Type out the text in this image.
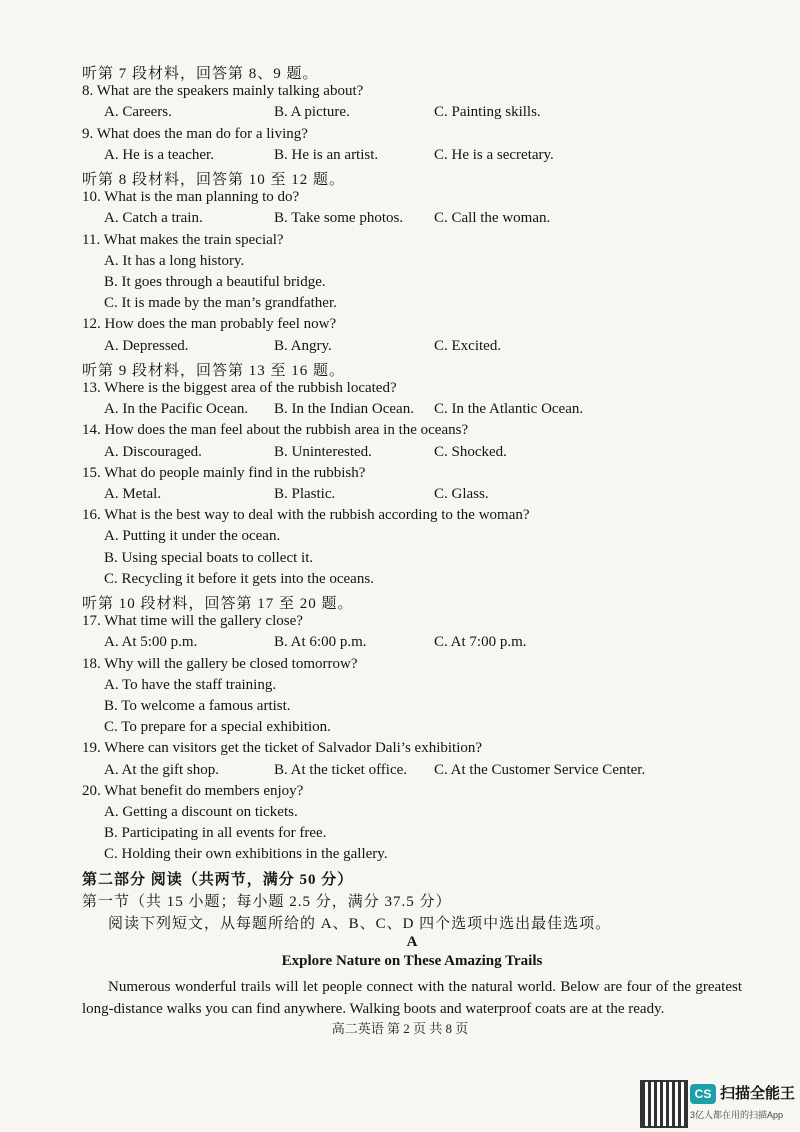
听第 7 段材料，回答第 8、9 题。
8. What are the speakers mainly talking about?
A. Careers.	B. A picture.	C. Painting skills.
9. What does the man do for a living?
A. He is a teacher.	B. He is an artist.	C. He is a secretary.
听第 8 段材料，回答第 10 至 12 题。
10. What is the man planning to do?
A. Catch a train.	B. Take some photos. C. Call the woman.
11. What makes the train special?
A. It has a long history.
B. It goes through a beautiful bridge.
C. It is made by the man’s grandfather.
12. How does the man probably feel now?
A. Depressed.	B. Angry.	C. Excited.
听第 9 段材料，回答第 13 至 16 题。
13. Where is the biggest area of the rubbish located?
A. In the Pacific Ocean. B. In the Indian Ocean. C. In the Atlantic Ocean.
14. How does the man feel about the rubbish area in the oceans?
A. Discouraged.	B. Uninterested.	C. Shocked.
15. What do people mainly find in the rubbish?
A. Metal.	B. Plastic.	C. Glass.
16. What is the best way to deal with the rubbish according to the woman?
A. Putting it under the ocean.
B. Using special boats to collect it.
C. Recycling it before it gets into the oceans.
听第 10 段材料，回答第 17 至 20 题。
17. What time will the gallery close?
A. At 5:00 p.m.	B. At 6:00 p.m.	C. At 7:00 p.m.
18. Why will the gallery be closed tomorrow?
A. To have the staff training.
B. To welcome a famous artist.
C. To prepare for a special exhibition.
19. Where can visitors get the ticket of Salvador Dali’s exhibition?
A. At the gift shop.	B. At the ticket office. C. At the Customer Service Center.
20. What benefit do members enjoy?
A. Getting a discount on tickets.
B. Participating in all events for free.
C. Holding their own exhibitions in the gallery.
第二部分 阅读（共两节，满分 50 分）
第一节（共 15 小题；每小题 2.5 分，满分 37.5 分）
阅读下列短文，从每题所给的 A、B、C、D 四个选项中选出最佳选项。
A
Explore Nature on These Amazing Trails
Numerous wonderful trails will let people connect with the natural world. Below are four of the greatest long-distance walks you can find anywhere. Walking boots and waterproof coats are at the ready.
高二英语 第 2 页 共 8 页
CS 扫描全能王
3亿人都在用的扫描App
